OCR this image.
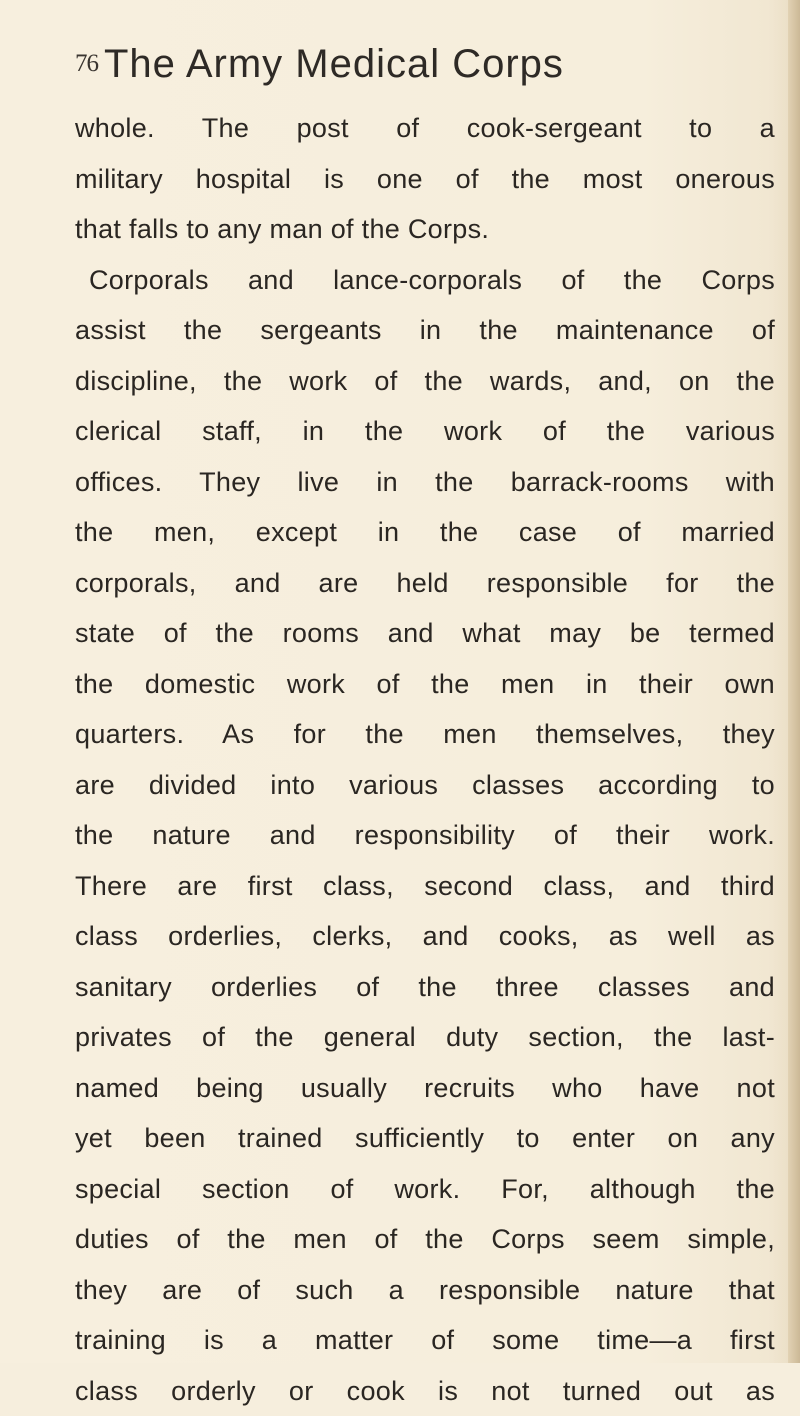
76 The Army Medical Corps
whole. The post of cook-sergeant to a
military hospital is one of the most onerous
that falls to any man of the Corps.
Corporals and lance-corporals of the Corps
assist the sergeants in the maintenance of
discipline, the work of the wards, and, on the
clerical staff, in the work of the various
offices. They live in the barrack-rooms with
the men, except in the case of married
corporals, and are held responsible for the
state of the rooms and what may be termed
the domestic work of the men in their own
quarters. As for the men themselves, they
are divided into various classes according to
the nature and responsibility of their work.
There are first class, second class, and third
class orderlies, clerks, and cooks, as well as
sanitary orderlies of the three classes and
privates of the general duty section, the last-
named being usually recruits who have not
yet been trained sufficiently to enter on any
special section of work. For, although the
duties of the men of the Corps seem simple,
they are of such a responsible nature that
training is a matter of some time—a first
class orderly or cook is not turned out as
